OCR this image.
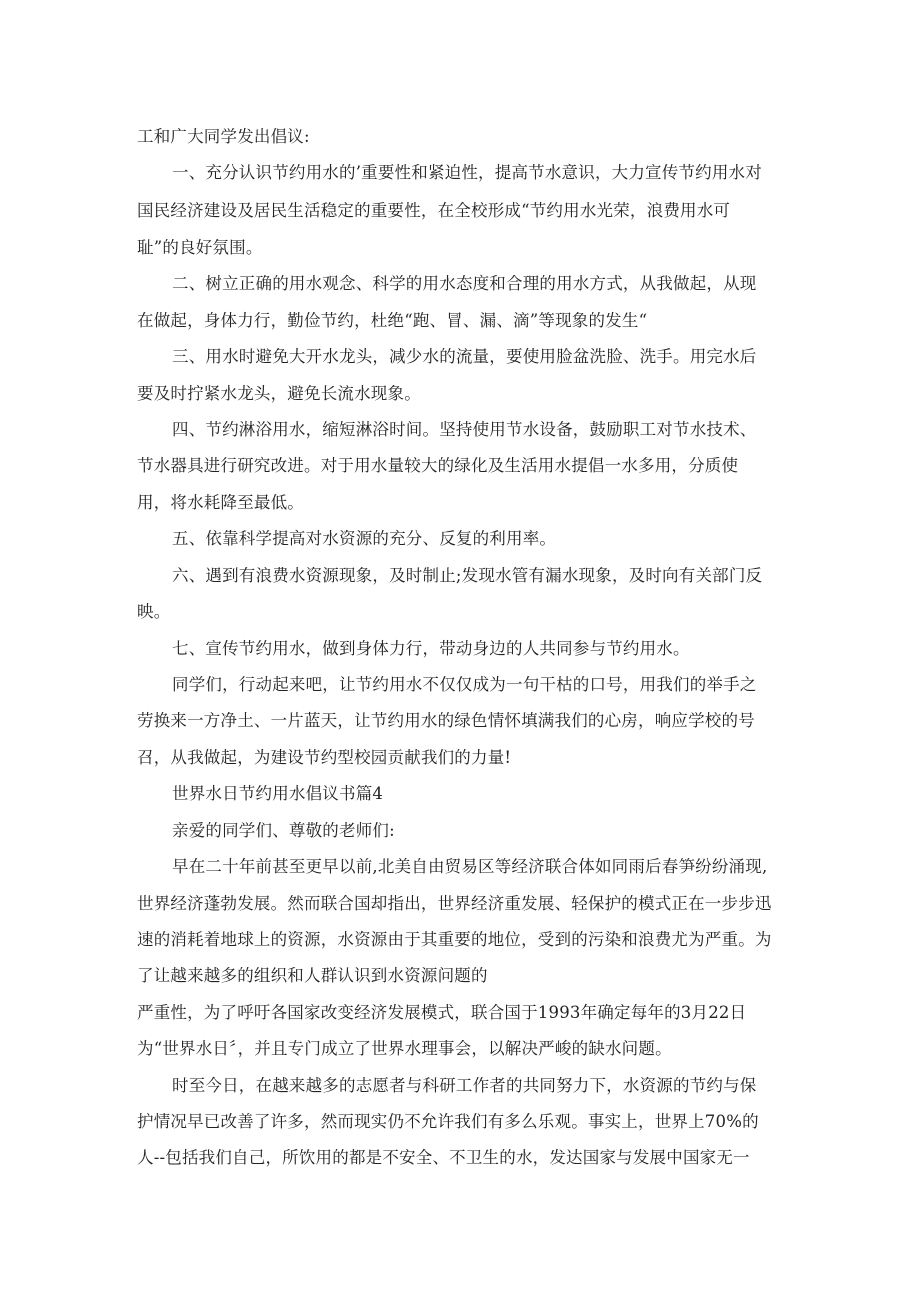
工和广大同学发出倡议:
一、充分认识节约用水的’重要性和紧迫性，提高节水意识，大力宣传节约用水对
国民经济建设及居民生活稳定的重要性，在全校形成“节约用水光荣，浪费用水可
耻”的良好氛围。
二、树立正确的用水观念、科学的用水态度和合理的用水方式，从我做起，从现
在做起，身体力行，勤俭节约，杜绝“跑、冒、漏、滴”等现象的发生“
三、用水时避免大开水龙头，减少水的流量，要使用脸盆洗脸、洗手。用完水后
要及时拧紧水龙头，避免长流水现象。
四、节约淋浴用水，缩短淋浴时间。坚持使用节水设备，鼓励职工对节水技术、
节水器具进行研究改进。对于用水量较大的绿化及生活用水提倡一水多用，分质使
用，将水耗降至最低。
五、依靠科学提高对水资源的充分、反复的利用率。
六、遇到有浪费水资源现象，及时制止;发现水管有漏水现象，及时向有关部门反
映。
七、宣传节约用水，做到身体力行，带动身边的人共同参与节约用水。
同学们，行动起来吧，让节约用水不仅仅成为一句干枯的口号，用我们的举手之
劳换来一方净土、一片蓝天，让节约用水的绿色情怀填满我们的心房，响应学校的号
召，从我做起，为建设节约型校园贡献我们的力量!
世界水日节约用水倡议书篇4
亲爱的同学们、尊敬的老师们:
早在二十年前甚至更早以前,北美自由贸易区等经济联合体如同雨后春笋纷纷涌现,
世界经济蓬勃发展。然而联合国却指出，世界经济重发展、轻保护的模式正在一步步迅
速的消耗着地球上的资源，水资源由于其重要的地位，受到的污染和浪费尤为严重。为
了让越来越多的组织和人群认识到水资源问题的
严重性，为了呼吁各国家改变经济发展模式，联合国于1993年确定每年的3月22日
为“世界水日〞，并且专门成立了世界水理事会，以解决严峻的缺水问题。
时至今日，在越来越多的志愿者与科研工作者的共同努力下，水资源的节约与保
护情况早已改善了许多，然而现实仍不允许我们有多么乐观。事实上，世界上70%的
人--包括我们自己，所饮用的都是不安全、不卫生的水，发达国家与发展中国家无一
